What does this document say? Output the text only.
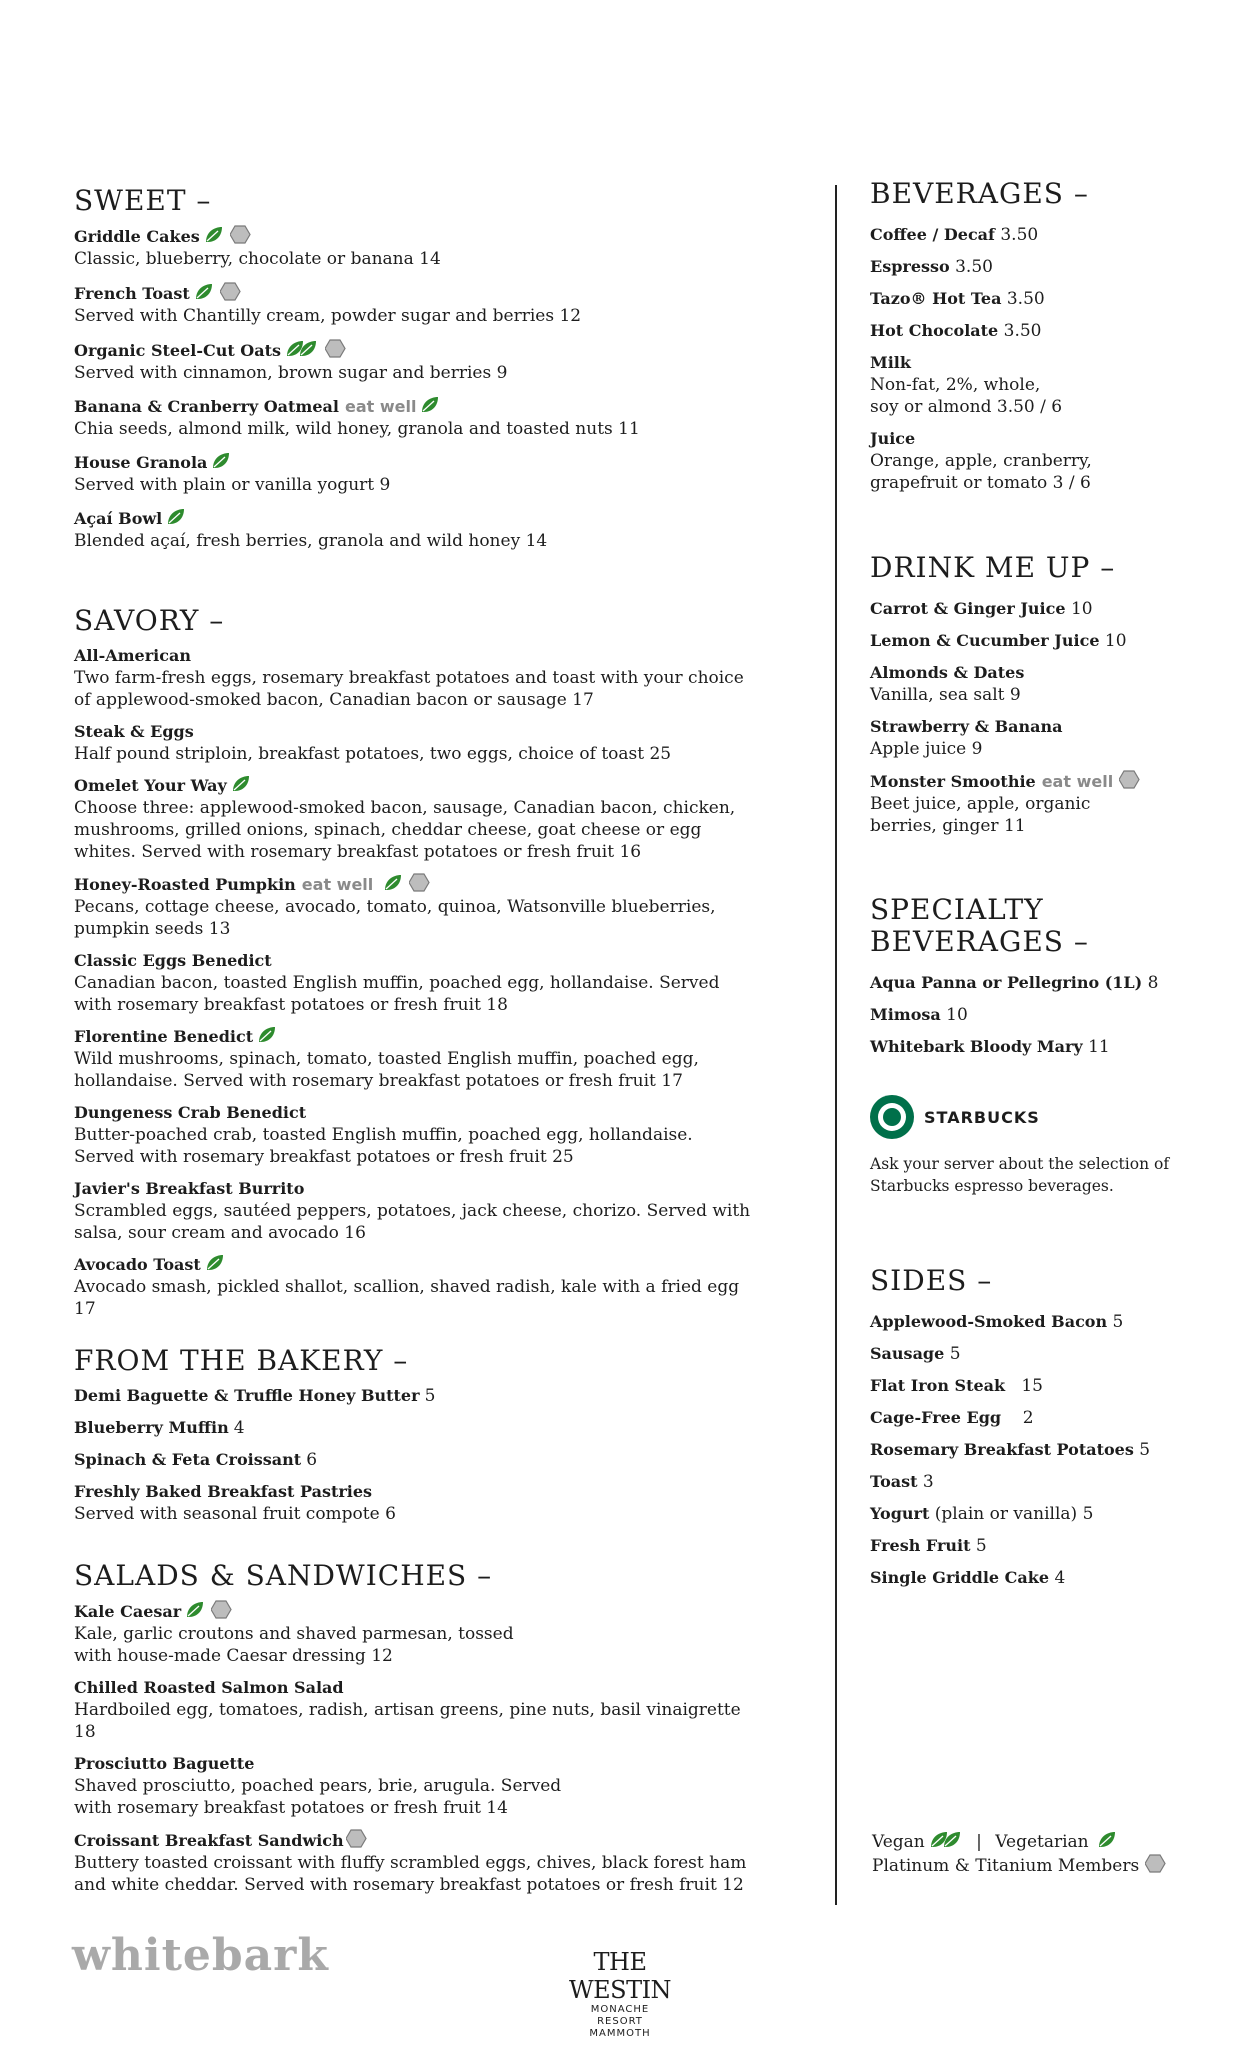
SWEET –
Griddle Cakes
Classic, blueberry, chocolate or banana 14
French Toast
Served with Chantilly cream, powder sugar and berries 12
Organic Steel-Cut Oats
Served with cinnamon, brown sugar and berries 9
Banana & Cranberry Oatmeal eat well
Chia seeds, almond milk, wild honey, granola and toasted nuts 11
House Granola
Served with plain or vanilla yogurt 9
Açaí Bowl
Blended açaí, fresh berries, granola and wild honey 14
SAVORY –
All-American
Two farm-fresh eggs, rosemary breakfast potatoes and toast with your choice of applewood-smoked bacon, Canadian bacon or sausage 17
Steak & Eggs
Half pound striploin, breakfast potatoes, two eggs, choice of toast 25
Omelet Your Way
Choose three: applewood-smoked bacon, sausage, Canadian bacon, chicken, mushrooms, grilled onions, spinach, cheddar cheese, goat cheese or egg whites. Served with rosemary breakfast potatoes or fresh fruit 16
Honey-Roasted Pumpkin eat well
Pecans, cottage cheese, avocado, tomato, quinoa, Watsonville blueberries, pumpkin seeds 13
Classic Eggs Benedict
Canadian bacon, toasted English muffin, poached egg, hollandaise. Served with rosemary breakfast potatoes or fresh fruit 18
Florentine Benedict
Wild mushrooms, spinach, tomato, toasted English muffin, poached egg, hollandaise. Served with rosemary breakfast potatoes or fresh fruit 17
Dungeness Crab Benedict
Butter-poached crab, toasted English muffin, poached egg, hollandaise. Served with rosemary breakfast potatoes or fresh fruit 25
Javier's Breakfast Burrito
Scrambled eggs, sautéed peppers, potatoes, jack cheese, chorizo. Served with salsa, sour cream and avocado 16
Avocado Toast
Avocado smash, pickled shallot, scallion, shaved radish, kale with a fried egg 17
FROM THE BAKERY –
Demi Baguette & Truffle Honey Butter 5
Blueberry Muffin 4
Spinach & Feta Croissant 6
Freshly Baked Breakfast Pastries
Served with seasonal fruit compote 6
SALADS & SANDWICHES –
Kale Caesar
Kale, garlic croutons and shaved parmesan, tossed with house-made Caesar dressing 12
Chilled Roasted Salmon Salad
Hardboiled egg, tomatoes, radish, artisan greens, pine nuts, basil vinaigrette 18
Prosciutto Baguette
Shaved prosciutto, poached pears, brie, arugula. Served with rosemary breakfast potatoes or fresh fruit 14
Croissant Breakfast Sandwich
Buttery toasted croissant with fluffy scrambled eggs, chives, black forest ham and white cheddar. Served with rosemary breakfast potatoes or fresh fruit 12
BEVERAGES –
Coffee / Decaf 3.50
Espresso 3.50
Tazo® Hot Tea 3.50
Hot Chocolate 3.50
Milk
Non-fat, 2%, whole, soy or almond 3.50 / 6
Juice
Orange, apple, cranberry, grapefruit or tomato 3 / 6
DRINK ME UP –
Carrot & Ginger Juice 10
Lemon & Cucumber Juice 10
Almonds & Dates
Vanilla, sea salt 9
Strawberry & Banana
Apple juice 9
Monster Smoothie eat well
Beet juice, apple, organic berries, ginger 11
SPECIALTY
BEVERAGES –
Aqua Panna or Pellegrino (1L) 8
Mimosa 10
Whitebark Bloody Mary 11
STARBUCKS
Ask your server about the selection of Starbucks espresso beverages.
SIDES –
Applewood-Smoked Bacon 5
Sausage 5
Flat Iron Steak 15
Cage-Free Egg 2
Rosemary Breakfast Potatoes 5
Toast 3
Yogurt (plain or vanilla) 5
Fresh Fruit 5
Single Griddle Cake 4
Vegan	| Vegetarian
Platinum & Titanium Members
whitebark	THE WESTIN
MONACHE
RESORT
MAMMOTH
